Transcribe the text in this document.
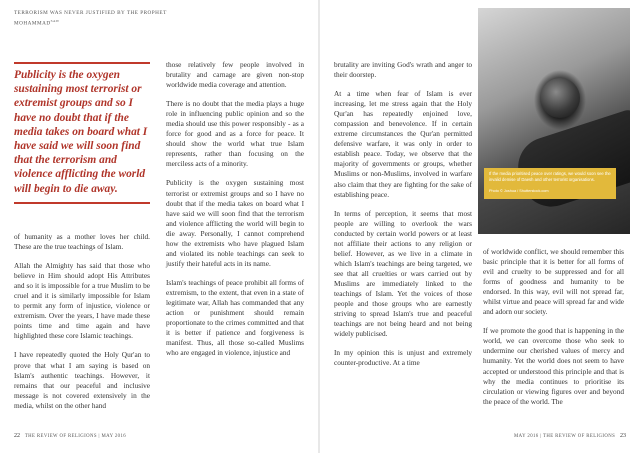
TERRORISM WAS NEVER JUSTIFIED BY THE PROPHET $MOHAMMAD^{SAW}$
Publicity is the oxygen sustaining most terrorist or extremist groups and so I have no doubt that if the media takes on board what I have said we will soon find that the terrorism and violence afflicting the world will begin to die away.

of humanity as a mother loves her child. These are the true teachings of Islam.

Allah the Almighty has said that those who believe in Him should adopt His Attributes and so it is impossible for a true Muslim to be cruel and it is similarly impossible for Islam to permit any form of injustice, violence or extremism. Over the years, I have made these points time and time again and have highlighted these core Islamic teachings.

I have repeatedly quoted the Holy Qur'an to prove that what I am saying is based on Islam's authentic teachings. However, it remains that our peaceful and inclusive message is not covered extensively in the media, whilst on the other hand

those relatively few people involved in brutality and carnage are given non-stop worldwide media coverage and attention.

There is no doubt that the media plays a huge role in influencing public opinion and so the media should use this power responsibly - as a force for good and as a force for peace. It should show the world what true Islam represents, rather than focusing on the merciless acts of a minority.

Publicity is the oxygen sustaining most terrorist or extremist groups and so I have no doubt that if the media takes on board what I have said we will soon find that the terrorism and violence afflicting the world will begin to die away. Personally, I cannot comprehend how the extremists who have plagued Islam and violated its noble teachings can seek to justify their hateful acts in its name.

Islam's teachings of peace prohibit all forms of extremism, to the extent, that even in a state of legitimate war, Allah has commanded that any action or punishment should remain proportionate to the crimes committed and that it is better if patience and forgiveness is manifest. Thus, all those so-called Muslims who are engaged in violence, injustice and

brutality are inviting God's wrath and anger to their doorstep.

At a time when fear of Islam is ever increasing, let me stress again that the Holy Qur'an has repeatedly enjoined love, compassion and benevolence. If in certain extreme circumstances the Qur'an permitted defensive warfare, it was only in order to establish peace. Today, we observe that the majority of governments or groups, whether Muslims or non-Muslims, involved in warfare also claim that they are fighting for the sake of establishing peace.

In terms of perception, it seems that most people are willing to overlook the wars conducted by certain world powers or at least not affiliate their actions to any religion or belief. However, as we live in a climate in which Islam's teachings are being targeted, we see that all cruelties or wars carried out by Muslims are immediately linked to the teachings of Islam. Yet the voices of those people and those groups who are earnestly striving to spread Islam's true and peaceful teachings are not being heard and not being widely publicised.

In my opinion this is unjust and extremely counter-productive. At a time

If the media prioritised peace over ratings, we would soon see the invalid demise of Daesh and other terrorist organisations.
Photo © Joshua / Shutterstock.com

of worldwide conflict, we should remember this basic principle that it is better for all forms of evil and cruelty to be suppressed and for all forms of goodness and humanity to be endorsed. In this way, evil will not spread far, whilst virtue and peace will spread far and wide and adorn our society.

If we promote the good that is happening in the world, we can overcome those who seek to undermine our cherished values of mercy and humanity. Yet the world does not seem to have accepted or understood this principle and that is why the media continues to prioritise its circulation or viewing figures over and beyond the peace of the world. The

22 THE REVIEW OF RELIGIONS | MAY 2016	MAY 2016 | THE REVIEW OF RELIGIONS 23
